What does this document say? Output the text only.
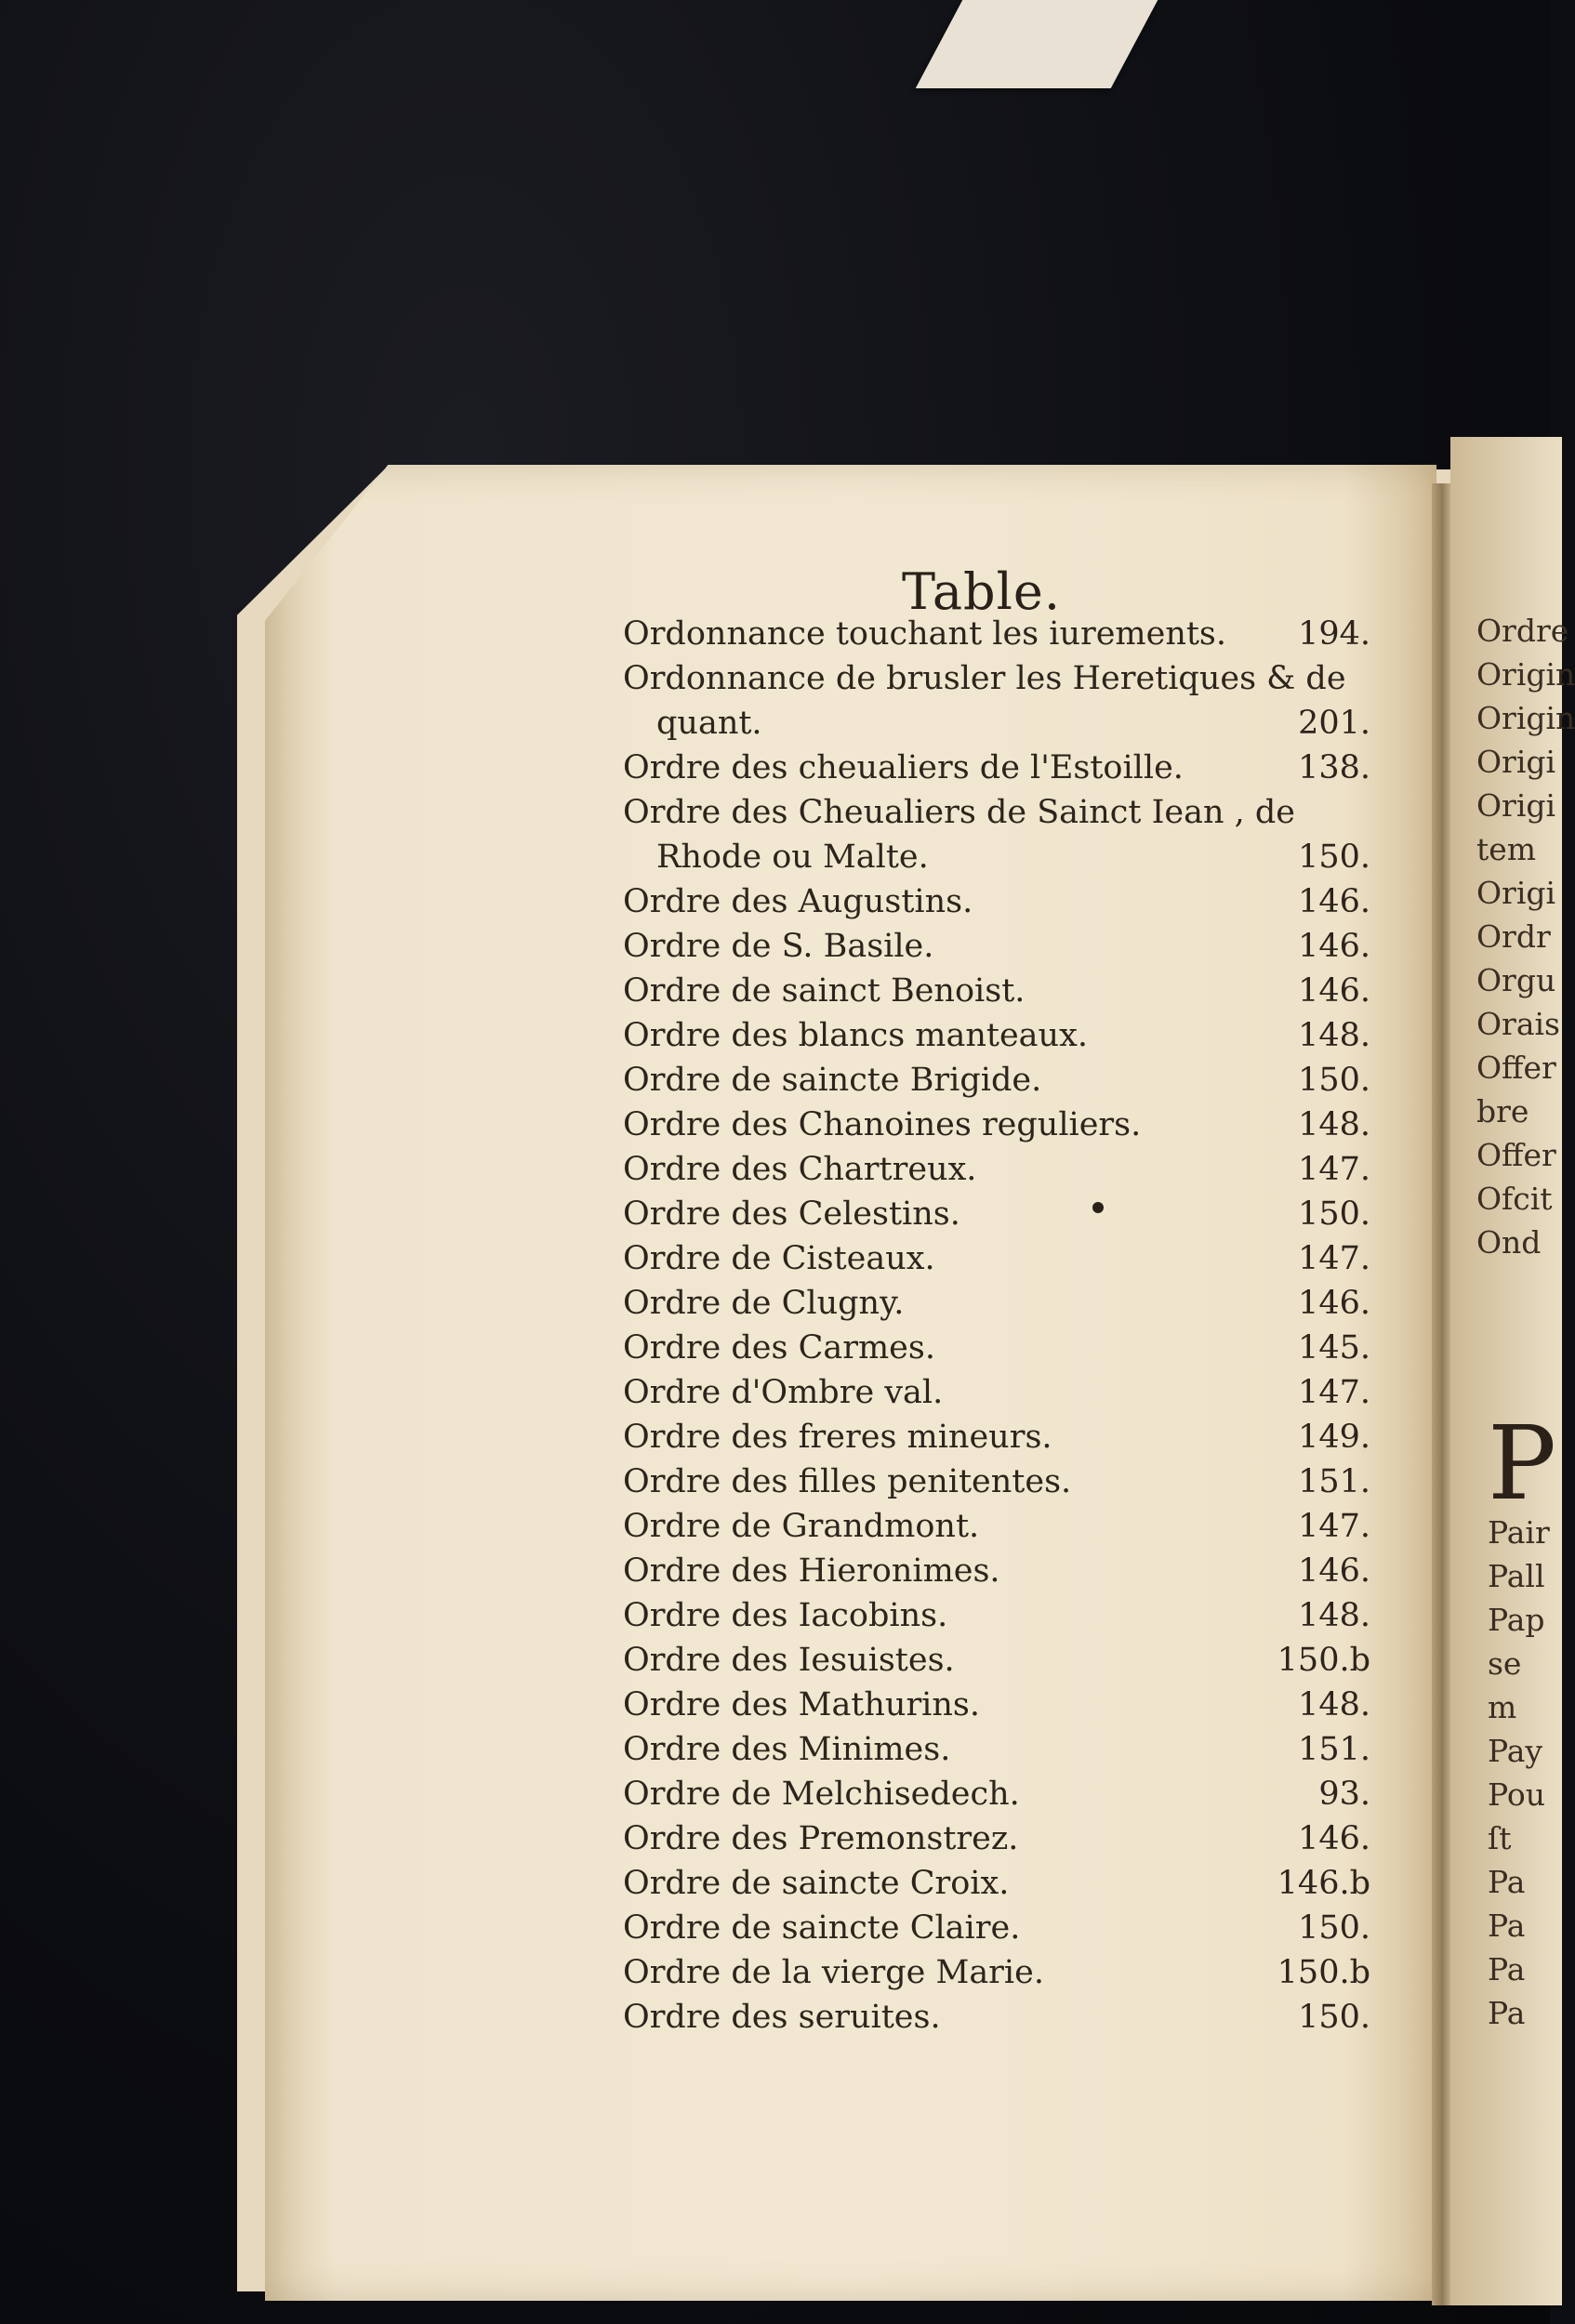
Ordre
Origin
Origin
Origi
Origi
tem
Origi
Ordr
Orgu
Orais
Offer
bre
Offer
Ofcit
Ond
P
Pair
Pall
Pap
se
m
Pay
Pou
ſt
Pa
Pa
Pa
Pa
Table.
Ordonnance touchant les iurements.	194.
Ordonnance de brusler les Heretiques & de
quant.	201.
Ordre des cheualiers de l'Estoille.	138.
Ordre des Cheualiers de Sainct Iean , de
Rhode ou Malte.	150.
Ordre des Augustins.	146.
Ordre de S. Basile.	146.
Ordre de sainct Benoist.	146.
Ordre des blancs manteaux.	148.
Ordre de saincte Brigide.	150.
Ordre des Chanoines reguliers.	148.
Ordre des Chartreux.	147.
Ordre des Celestins.	150.
Ordre de Cisteaux.	147.
Ordre de Clugny.	146.
Ordre des Carmes.	145.
Ordre d'Ombre val.	147.
Ordre des freres mineurs.	149.
Ordre des filles penitentes.	151.
Ordre de Grandmont.	147.
Ordre des Hieronimes.	146.
Ordre des Iacobins.	148.
Ordre des Iesuistes.	150.b
Ordre des Mathurins.	148.
Ordre des Minimes.	151.
Ordre de Melchisedech.	93.
Ordre des Premonstrez.	146.
Ordre de saincte Croix.	146.b
Ordre de saincte Claire.	150.
Ordre de la vierge Marie.	150.b
Ordre des seruites.	150.
